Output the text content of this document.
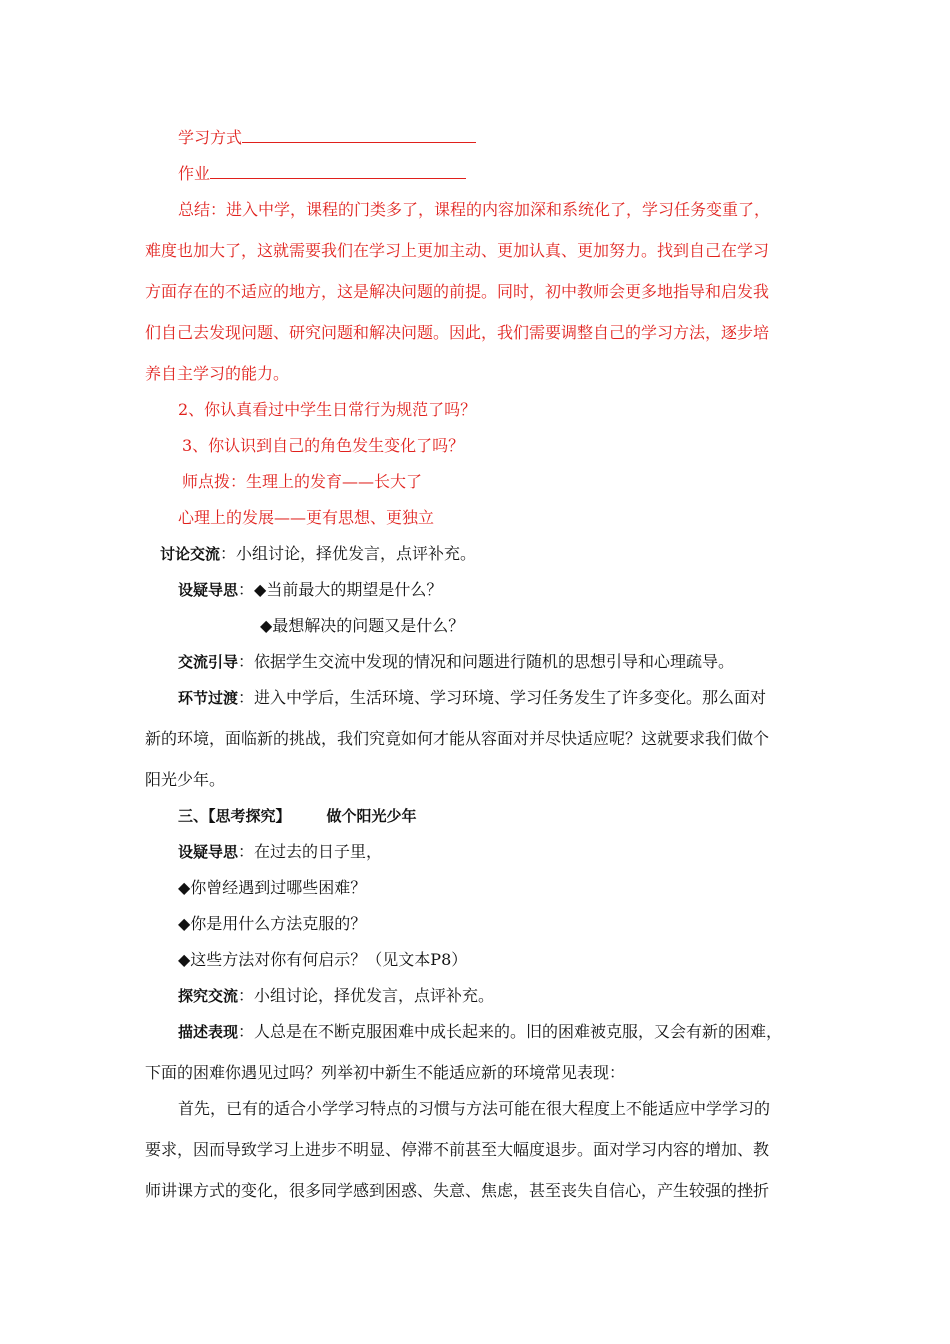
学习方式
作业
总结：进入中学，课程的门类多了，课程的内容加深和系统化了，学习任务变重了，
难度也加大了，这就需要我们在学习上更加主动、更加认真、更加努力。找到自己在学习
方面存在的不适应的地方，这是解决问题的前提。同时，初中教师会更多地指导和启发我
们自己去发现问题、研究问题和解决问题。因此，我们需要调整自己的学习方法，逐步培
养自主学习的能力。
2、你认真看过中学生日常行为规范了吗？
3、你认识到自己的角色发生变化了吗？
师点拨：生理上的发育——长大了
心理上的发展——更有思想、更独立
讨论交流：小组讨论，择优发言，点评补充。
设疑导思：◆当前最大的期望是什么？
◆最想解决的问题又是什么？
交流引导：依据学生交流中发现的情况和问题进行随机的思想引导和心理疏导。
环节过渡：进入中学后，生活环境、学习环境、学习任务发生了许多变化。那么面对
新的环境，面临新的挑战，我们究竟如何才能从容面对并尽快适应呢？这就要求我们做个
阳光少年。
三、【思考探究】 做个阳光少年
设疑导思：在过去的日子里，
◆你曾经遇到过哪些困难？
◆你是用什么方法克服的？
◆这些方法对你有何启示？（见文本P8）
探究交流：小组讨论，择优发言，点评补充。
描述表现：人总是在不断克服困难中成长起来的。旧的困难被克服，又会有新的困难，
下面的困难你遇见过吗？列举初中新生不能适应新的环境常见表现：
首先，已有的适合小学学习特点的习惯与方法可能在很大程度上不能适应中学学习的
要求，因而导致学习上进步不明显、停滞不前甚至大幅度退步。面对学习内容的增加、教
师讲课方式的变化，很多同学感到困惑、失意、焦虑，甚至丧失自信心，产生较强的挫折
